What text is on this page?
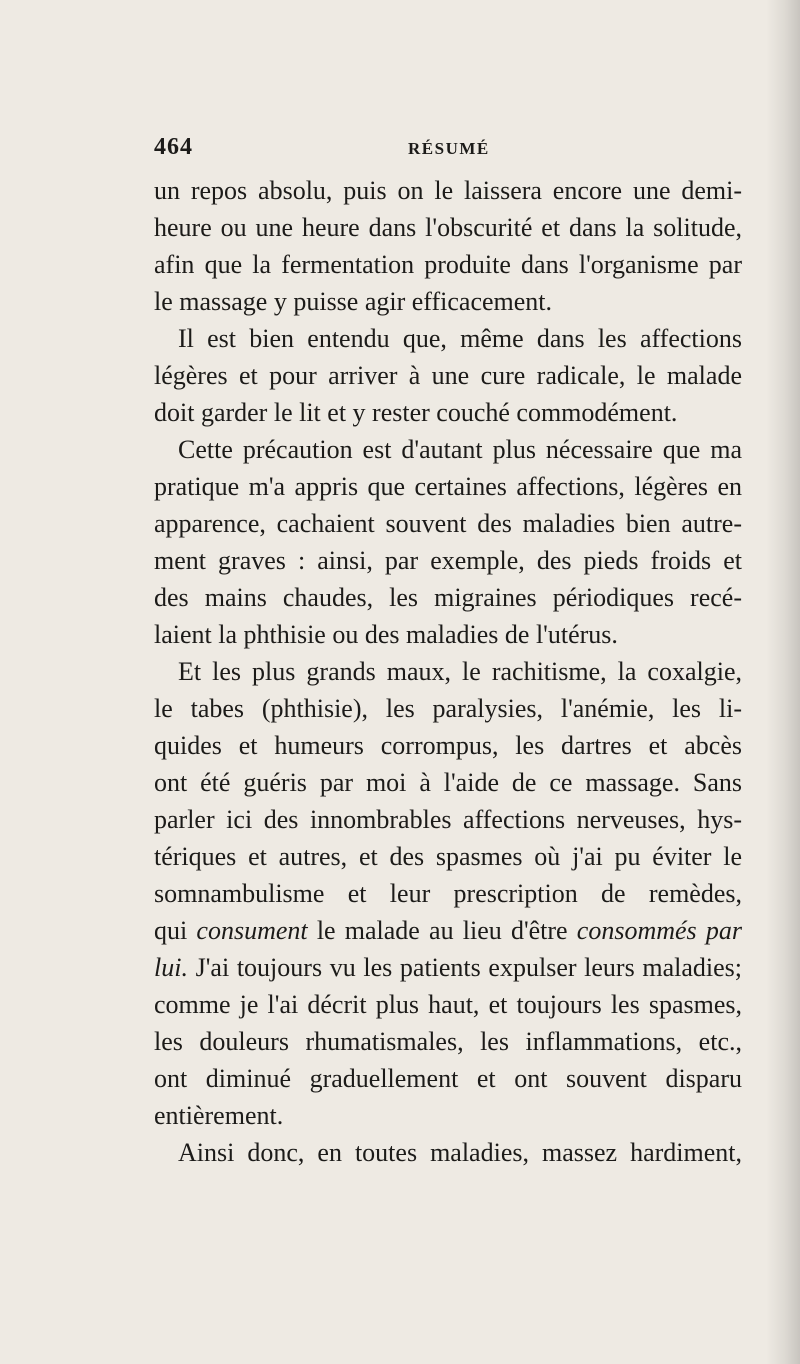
464	RÉSUMÉ

un repos absolu, puis on le laissera encore une demi-
heure ou une heure dans l'obscurité et dans la solitude,
afin que la fermentation produite dans l'organisme par
le massage y puisse agir efficacement.

Il est bien entendu que, même dans les affections
légères et pour arriver à une cure radicale, le malade
doit garder le lit et y rester couché commodément.

Cette précaution est d'autant plus nécessaire que ma
pratique m'a appris que certaines affections, légères en
apparence, cachaient souvent des maladies bien autre-
ment graves : ainsi, par exemple, des pieds froids et
des mains chaudes, les migraines périodiques recé-
laient la phthisie ou des maladies de l'utérus.

Et les plus grands maux, le rachitisme, la coxalgie,
le tabes (phthisie), les paralysies, l'anémie, les li-
quides et humeurs corrompus, les dartres et abcès
ont été guéris par moi à l'aide de ce massage. Sans
parler ici des innombrables affections nerveuses, hys-
tériques et autres, et des spasmes où j'ai pu éviter le
somnambulisme et leur prescription de remèdes,
qui consument le malade au lieu d'être consommés par
lui. J'ai toujours vu les patients expulser leurs maladies;
comme je l'ai décrit plus haut, et toujours les spasmes,
les douleurs rhumatismales, les inflammations, etc.,
ont diminué graduellement et ont souvent disparu
entièrement.

Ainsi donc, en toutes maladies, massez hardiment,
